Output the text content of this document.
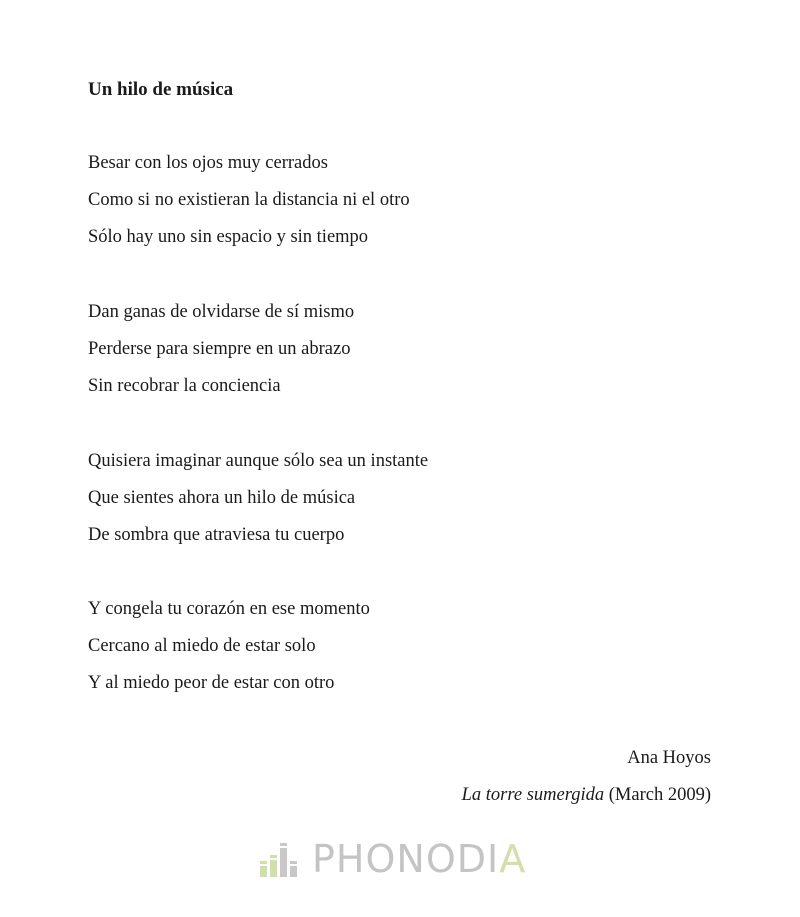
Un hilo de música
Besar con los ojos muy cerrados
Como si no existieran la distancia ni el otro
Sólo hay uno sin espacio y sin tiempo
Dan ganas de olvidarse de sí mismo
Perderse para siempre en un abrazo
Sin recobrar la conciencia
Quisiera imaginar aunque sólo sea un instante
Que sientes ahora un hilo de música
De sombra que atraviesa tu cuerpo
Y congela tu corazón en ese momento
Cercano al miedo de estar solo
Y al miedo peor de estar con otro
Ana Hoyos
La torre sumergida (March 2009)
PHONODIA
